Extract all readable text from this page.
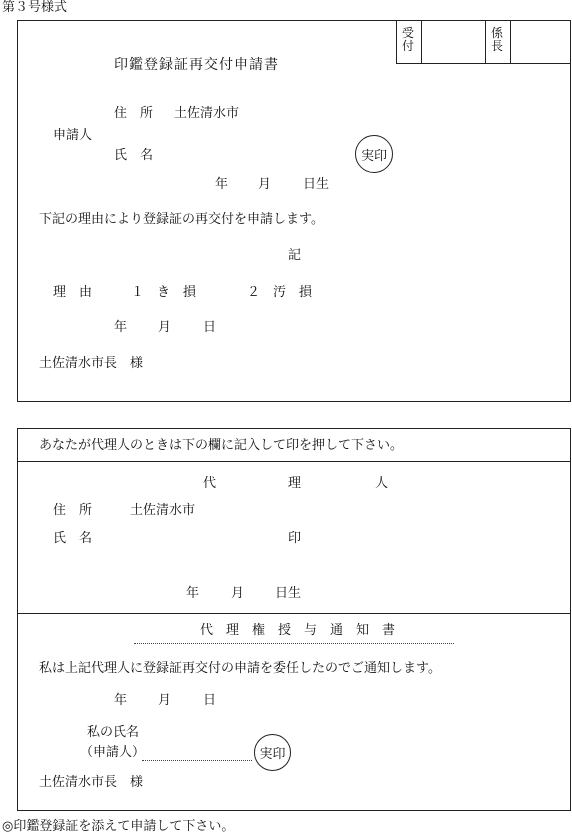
第３号様式
受付
係長
印鑑登録証再交付申請書
住　所 土佐清水市
申請人
氏　名	実印
年 月 日生
下記の理由により登録証の再交付を申請します。
記
理　由	１　き　損	２　汚　損
年 月 日
土佐清水市長　様
あなたが代理人のときは下の欄に記入して印を押して下さい。
代	理	人
住　所	土佐清水市
氏　名	印
年 月 日生
代　理　権　授　与　通　知　書
私は上記代理人に登録証再交付の申請を委任したのでご通知します。
年 月 日
私の氏名
（申請人）	実印
土佐清水市長　様
◎印鑑登録証を添えて申請して下さい。
